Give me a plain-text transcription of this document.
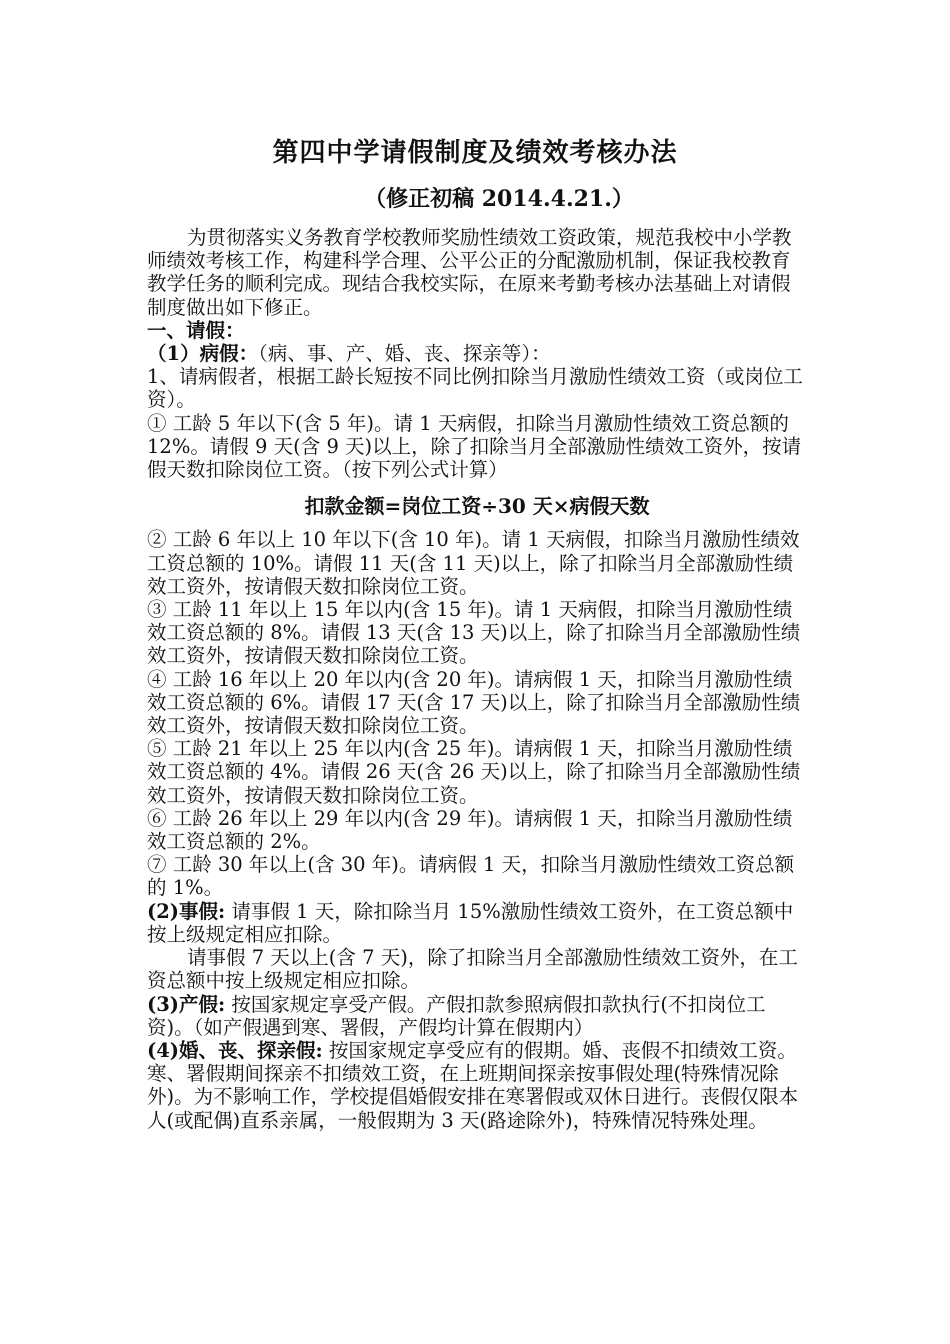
第四中学请假制度及绩效考核办法
（修正初稿 2014.4.21.）

为贯彻落实义务教育学校教师奖励性绩效工资政策，规范我校中小学教师绩效考核工作，构建科学合理、公平公正的分配激励机制，保证我校教育教学任务的顺利完成。现结合我校实际，在原来考勤考核办法基础上对请假制度做出如下修正。

一、请假：

（1）病假：（病、事、产、婚、丧、探亲等）：

1、请病假者，根据工龄长短按不同比例扣除当月激励性绩效工资（或岗位工资）。

① 工龄 5 年以下(含 5 年)。请 1 天病假，扣除当月激励性绩效工资总额的 12%。请假 9 天(含 9 天)以上，除了扣除当月全部激励性绩效工资外，按请假天数扣除岗位工资。（按下列公式计算）

扣款金额=岗位工资÷30 天×病假天数

② 工龄 6 年以上 10 年以下(含 10 年)。请 1 天病假，扣除当月激励性绩效工资总额的 10%。请假 11 天(含 11 天)以上，除了扣除当月全部激励性绩效工资外，按请假天数扣除岗位工资。

③ 工龄 11 年以上 15 年以内(含 15 年)。请 1 天病假，扣除当月激励性绩效工资总额的 8%。请假 13 天(含 13 天)以上，除了扣除当月全部激励性绩效工资外，按请假天数扣除岗位工资。

④ 工龄 16 年以上 20 年以内(含 20 年)。请病假 1 天，扣除当月激励性绩效工资总额的 6%。请假 17 天(含 17 天)以上，除了扣除当月全部激励性绩效工资外，按请假天数扣除岗位工资。

⑤ 工龄 21 年以上 25 年以内(含 25 年)。请病假 1 天，扣除当月激励性绩效工资总额的 4%。请假 26 天(含 26 天)以上，除了扣除当月全部激励性绩效工资外，按请假天数扣除岗位工资。

⑥ 工龄 26 年以上 29 年以内(含 29 年)。请病假 1 天，扣除当月激励性绩效工资总额的 2%。

⑦ 工龄 30 年以上(含 30 年)。请病假 1 天，扣除当月激励性绩效工资总额的 1%。

(2)事假: 请事假 1 天，除扣除当月 15%激励性绩效工资外，在工资总额中按上级规定相应扣除。

请事假 7 天以上(含 7 天)，除了扣除当月全部激励性绩效工资外，在工资总额中按上级规定相应扣除。

(3)产假: 按国家规定享受产假。产假扣款参照病假扣款执行(不扣岗位工资)。（如产假遇到寒、署假，产假均计算在假期内）

(4)婚、丧、探亲假: 按国家规定享受应有的假期。婚、丧假不扣绩效工资。寒、署假期间探亲不扣绩效工资，在上班期间探亲按事假处理(特殊情况除外)。为不影响工作，学校提倡婚假安排在寒署假或双休日进行。丧假仅限本人(或配偶)直系亲属，一般假期为 3 天(路途除外)，特殊情况特殊处理。
